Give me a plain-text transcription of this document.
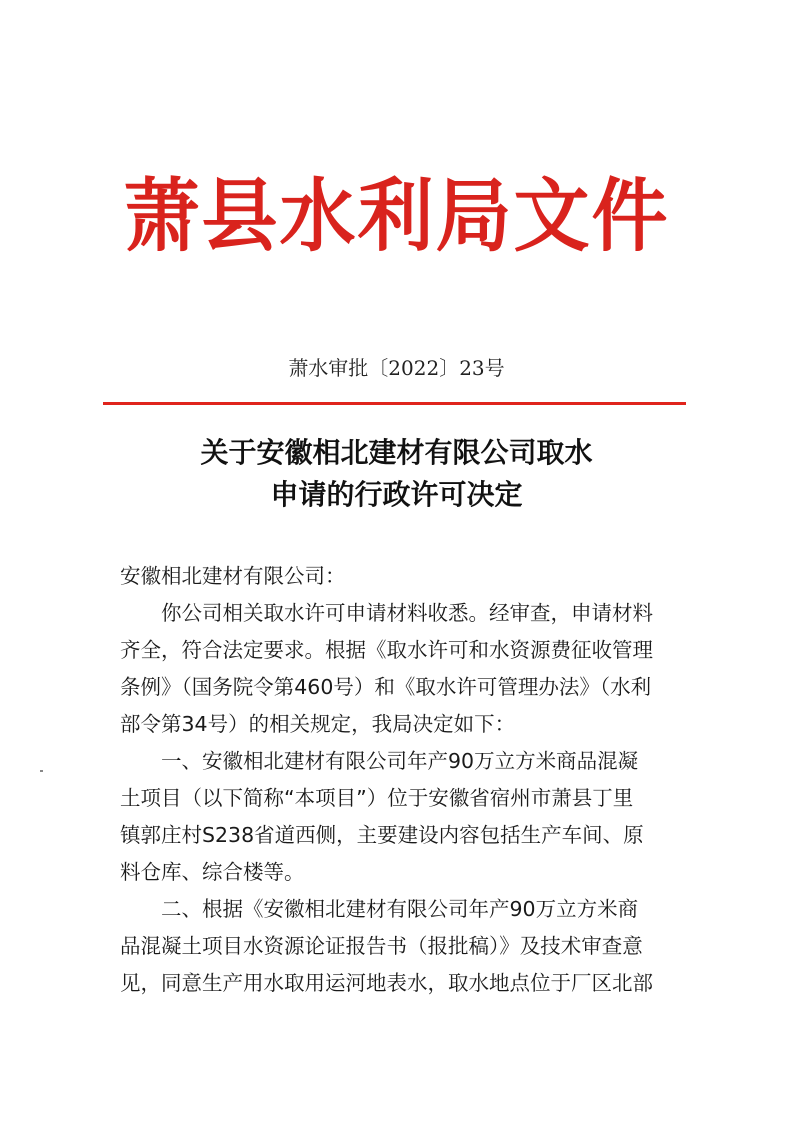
萧县水利局文件
萧水审批〔2022〕23号
关于安徽相北建材有限公司取水
申请的行政许可决定
安徽相北建材有限公司：
你公司相关取水许可申请材料收悉。经审查，申请材料
齐全，符合法定要求。根据《取水许可和水资源费征收管理
条例》（国务院令第460号）和《取水许可管理办法》（水利
部令第34号）的相关规定，我局决定如下：
一、安徽相北建材有限公司年产90万立方米商品混凝
土项目（以下简称“本项目”）位于安徽省宿州市萧县丁里
镇郭庄村S238省道西侧，主要建设内容包括生产车间、原
料仓库、综合楼等。
二、根据《安徽相北建材有限公司年产90万立方米商
品混凝土项目水资源论证报告书（报批稿）》及技术审查意
见，同意生产用水取用运河地表水，取水地点位于厂区北部
